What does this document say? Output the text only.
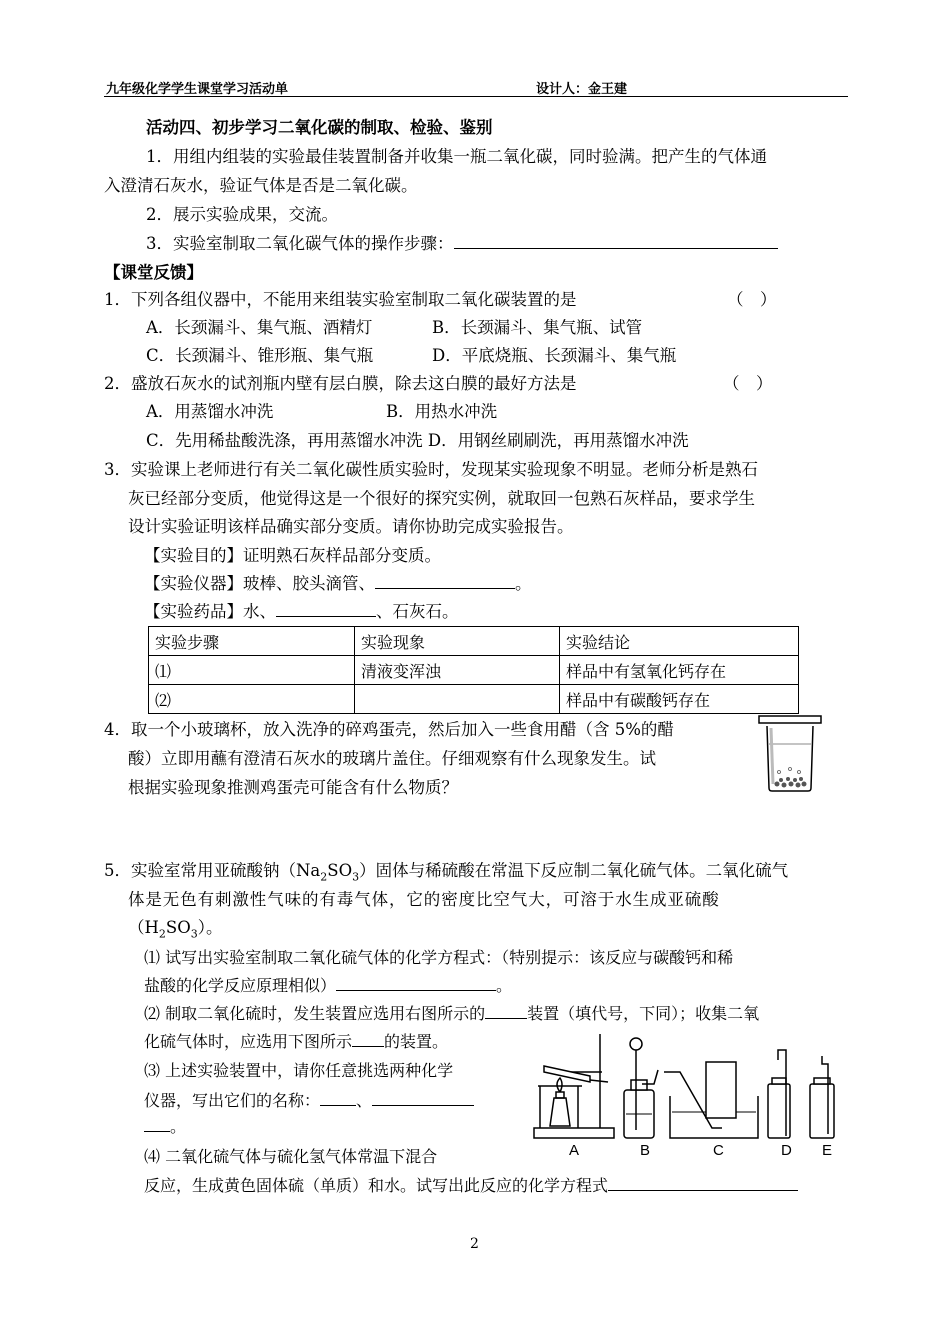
九年级化学学生课堂学习活动单	设计人：金王建
活动四、初步学习二氧化碳的制取、检验、鉴别
1．用组内组装的实验最佳装置制备并收集一瓶二氧化碳，同时验满。把产生的气体通
入澄清石灰水，验证气体是否是二氧化碳。
2．展示实验成果，交流。
3．实验室制取二氧化碳气体的操作步骤：
【课堂反馈】
1．下列各组仪器中，不能用来组装实验室制取二氧化碳装置的是	（　）
A．长颈漏斗、集气瓶、酒精灯	B．长颈漏斗、集气瓶、试管
C．长颈漏斗、锥形瓶、集气瓶	D．平底烧瓶、长颈漏斗、集气瓶
2．盛放石灰水的试剂瓶内壁有层白膜，除去这白膜的最好方法是	（　）
A．用蒸馏水冲洗	B．用热水冲洗
C．先用稀盐酸洗涤，再用蒸馏水冲洗 D．用钢丝刷刷洗，再用蒸馏水冲洗
3．实验课上老师进行有关二氧化碳性质实验时，发现某实验现象不明显。老师分析是熟石
灰已经部分变质，他觉得这是一个很好的探究实例，就取回一包熟石灰样品，要求学生
设计实验证明该样品确实部分变质。请你协助完成实验报告。
【实验目的】证明熟石灰样品部分变质。
【实验仪器】玻棒、胶头滴管、	。
【实验药品】水、	、石灰石。
实验步骤	实验现象	实验结论
⑴	清液变浑浊	样品中有氢氧化钙存在
⑵		样品中有碳酸钙存在
4．取一个小玻璃杯，放入洗净的碎鸡蛋壳，然后加入一些食用醋（含 5%的醋
酸）立即用蘸有澄清石灰水的玻璃片盖住。仔细观察有什么现象发生。试
根据实验现象推测鸡蛋壳可能含有什么物质？
5．实验室常用亚硫酸钠$(Na_2SO_3)$固体与稀硫酸在常温下反应制二氧化硫气体。二氧化硫气
体是无色有刺激性气味的有毒气体，它的密度比空气大，可溶于水生成亚硫酸
$(H_2SO_3)$。
⑴ 试写出实验室制取二氧化硫气体的化学方程式：（特别提示：该反应与碳酸钙和稀
盐酸的化学反应原理相似）	。
⑵ 制取二氧化硫时，发生装置应选用右图所示的	装置（填代号，下同）；收集二氧
化硫气体时，应选用下图所示 的装置。
⑶ 上述实验装置中，请你任意挑选两种化学
仪器，写出它们的名称： 、
。
⑷ 二氧化硫气体与硫化氢气体常温下混合
反应，生成黄色固体硫（单质）和水。试写出此反应的化学方程式
A	B	C	D E
2
